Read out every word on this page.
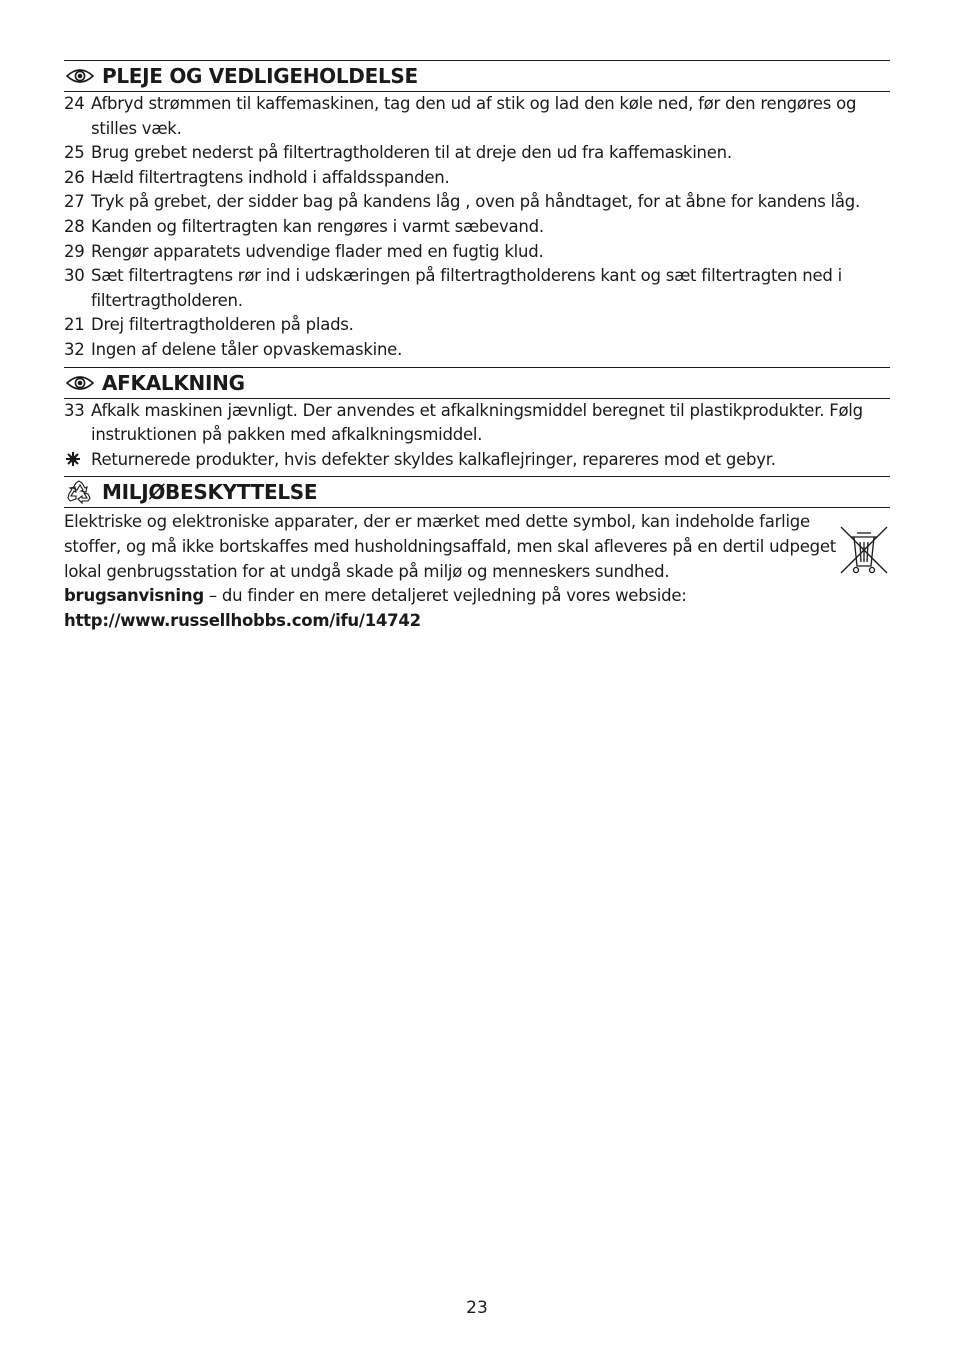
PLEJE OG VEDLIGEHOLDELSE
24 Afbryd strømmen til kaffemaskinen, tag den ud af stik og lad den køle ned, før den rengøres og stilles væk.
25 Brug grebet nederst på filtertragtholderen til at dreje den ud fra kaffemaskinen.
26 Hæld filtertragtens indhold i affaldsspanden.
27 Tryk på grebet, der sidder bag på kandens låg , oven på håndtaget, for at åbne for kandens låg.
28 Kanden og filtertragten kan rengøres i varmt sæbevand.
29 Rengør apparatets udvendige flader med en fugtig klud.
30 Sæt filtertragtens rør ind i udskæringen på filtertragtholderens kant og sæt filtertragten ned i filtertragtholderen.
21 Drej filtertragtholderen på plads.
32 Ingen af delene tåler opvaskemaskine.
AFKALKNING
33 Afkalk maskinen jævnligt. Der anvendes et afkalkningsmiddel beregnet til plastikprodukter. Følg instruktionen på pakken med afkalkningsmiddel.
Returnerede produkter, hvis defekter skyldes kalkaflejringer, repareres mod et gebyr.
MILJØBESKYTTELSE
Elektriske og elektroniske apparater, der er mærket med dette symbol, kan indeholde farlige stoffer, og må ikke bortskaffes med husholdningsaffald, men skal afleveres på en dertil udpeget lokal genbrugsstation for at undgå skade på miljø og menneskers sundhed.
brugsanvisning – du finder en mere detaljeret vejledning på vores webside:
http://www.russellhobbs.com/ifu/14742
23
